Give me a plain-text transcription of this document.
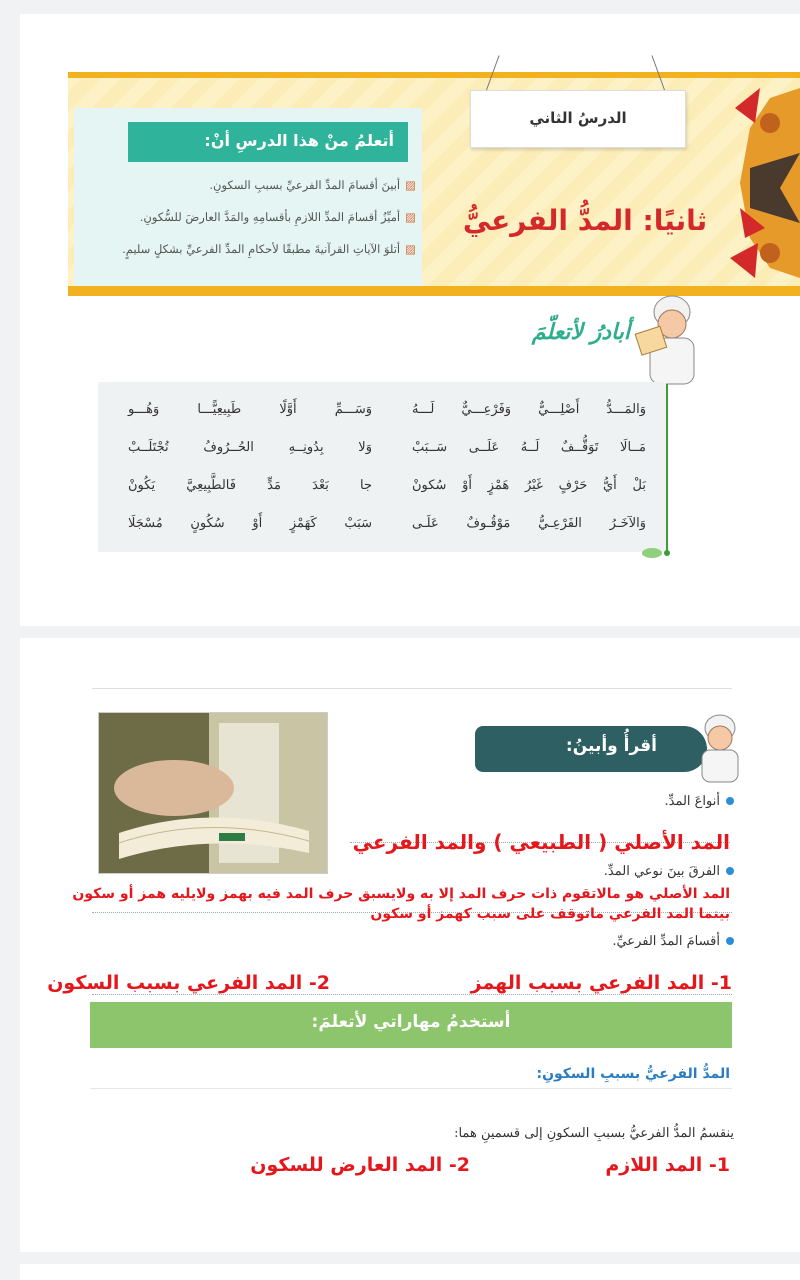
أتعلمُ منْ هذا الدرسِ أنْ:
▨أبينَ أقسامَ المدِّ الفرعيِّ بسببِ السكونِ.
▨أميِّزُ أقسامَ المدِّ اللازمِ بأقسامِهِ والمَدَّ العارضَ للسُّكونِ.
▨أتلوَ الآياتِ القرآنيةَ مطبقًا لأحكامِ المدِّ الفرعيِّ بشكلٍ سليمٍ.
الدرسُ الثاني
ثانيًا: المدُّ الفرعيُّ
أبادرُ لأتعلّمَ
وَالمَـــدُّ أَصْلِـــيٌّ وَفَرْعِـــيٌّ لَـــهُ
وَسَـــمِّ أَوَّلًا طَبِيعِيًّـــا وَهُـــو
مَــالَا تَوَقُّــفٌ لَــهُ عَلَــى سَــبَبْ
وَلا بِدُونِــهِ الحُــرُوفُ تُجْتَلَــبْ
بَلْ أَيُّ حَرْفٍ غَيْرُ هَمْزٍ أَوْ سُكونْ
جا بَعْدَ مَدٍّ فَالطَّبِيعِيَّ يَكُونْ
وَالآخَـرُ الفَرْعِـيُّ مَوْقُـوفٌ عَلَـى
سَبَبْ كَهَمْزٍ أَوْ سُكُونٍ مُسْجَلَا
أقرأُ وأبينُ:
أنواعَ المدِّ.
المد الأصلي ( الطبيعي ) والمد الفرعي
الفرقَ بينَ نوعي المدِّ.
المد الأصلي هو مالاتقوم ذات حرف المد إلا به ولايسبق حرف المد فيه بهمز ولايليه همز أو سكون بينما المد الفرعي ماتوقف على سبب كهمز أو سكون
أقسامَ المدِّ الفرعيِّ.
1- المد الفرعي بسبب الهمز
2- المد الفرعي بسبب السكون
أستخدمُ مهاراتي لأتعلمَ:
المدُّ الفرعيُّ بسببِ السكونِ:
ينقسمُ المدُّ الفرعيُّ بسببِ السكونِ إلى قسمينِ هما:
1- المد اللازم
2- المد العارض للسكون
